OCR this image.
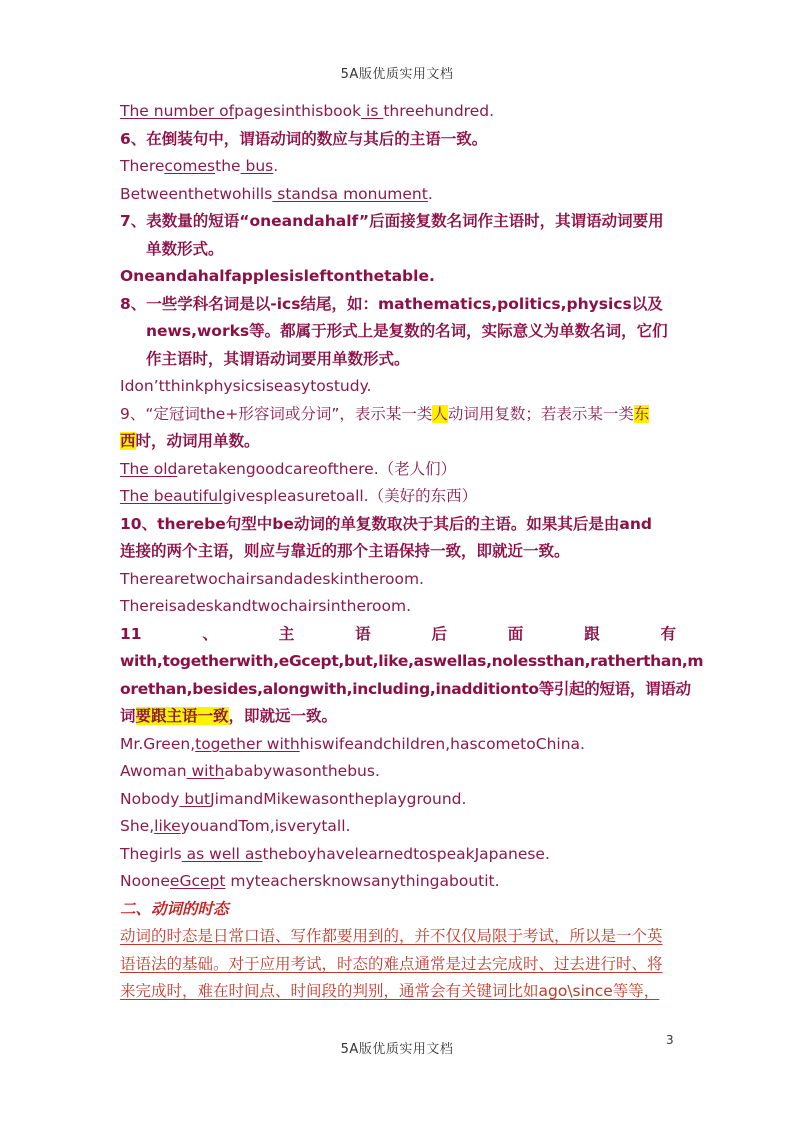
5A版优质实用文档
The number ofpagesinthisbook is threehundred.
6、在倒装句中，谓语动词的数应与其后的主语一致。
Therecomesthe bus.
Betweenthetwohills standsa monument.
7、表数量的短语“oneandahalf”后面接复数名词作主语时，其谓语动词要用
单数形式。
Oneandahalfapplesisleftonthetable.
8、一些学科名词是以-ics结尾，如：mathematics,politics,physics以及
news,works等。都属于形式上是复数的名词，实际意义为单数名词，它们
作主语时，其谓语动词要用单数形式。
Idon’tthinkphysicsiseasytostudy.
9、“定冠词the+形容词或分词”，表示某一类人动词用复数；若表示某一类东
西时，动词用单数。
The oldaretakengoodcareofthere.（老人们）
The beautifulgivespleasuretoall.（美好的东西）
10、therebe句型中be动词的单复数取决于其后的主语。如果其后是由and
连接的两个主语，则应与靠近的那个主语保持一致，即就近一致。
Therearetwochairsandadeskintheroom.
Thereisadeskandtwochairsintheroom.
11	、	主	语	后	面	跟	有
with,togetherwith,eGcept,but,like,aswellas,nolessthan,ratherthan,m
orethan,besides,alongwith,including,inadditionto等引起的短语，谓语动
词要跟主语一致，即就远一致。
Mr.Green,together withhiswifeandchildren,hascometoChina.
Awoman withababywasonthebus.
Nobody butJimandMikewasontheplayground.
She,likeyouandTom,isverytall.
Thegirls as well astheboyhavelearnedtospeakJapanese.
NooneeGcept myteachersknowsanythingaboutit.
二、动词的时态
动词的时态是日常口语、写作都要用到的，并不仅仅局限于考试，所以是一个英
语语法的基础。对于应用考试，时态的难点通常是过去完成时、过去进行时、将
来完成时，难在时间点、时间段的判别，通常会有关键词比如ago\since等等，
3
5A版优质实用文档
